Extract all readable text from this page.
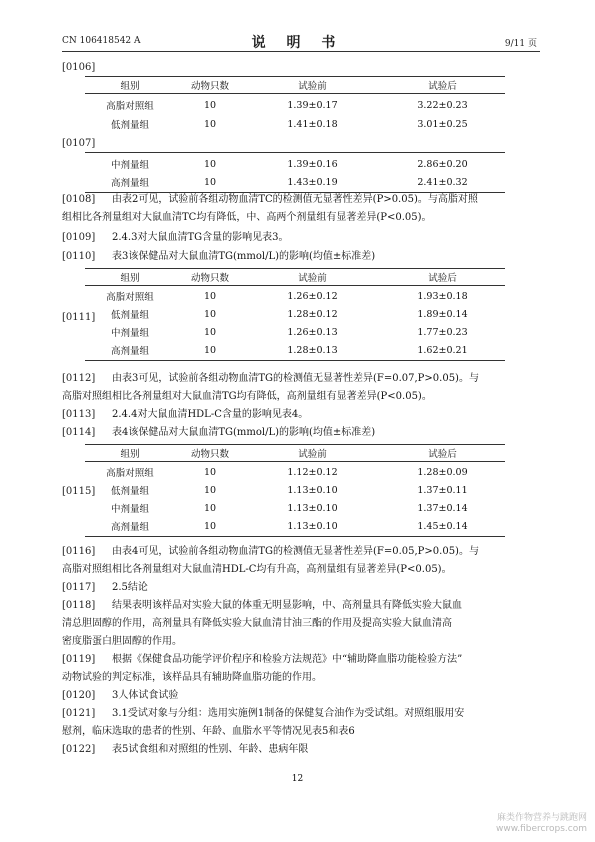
CN 106418542 A	说 明 书	9/11 页
[0106]
组别	动物只数	试验前	试验后
高脂对照组	10	1.39±0.17	3.22±0.23
低剂量组	10	1.41±0.18	3.01±0.25
[0107]
中剂量组	10	1.39±0.16	2.86±0.20
高剂量组	10	1.43±0.19	2.41±0.32
[0108] 由表2可见，试验前各组动物血清TC的检测值无显著性差异(P>0.05)。与高脂对照
组相比各剂量组对大鼠血清TC均有降低，中、高两个剂量组有显著差异(P<0.05)。
[0109] 2.4.3对大鼠血清TG含量的影响见表3。
[0110] 表3该保健品对大鼠血清TG(mmol/L)的影响(均值±标准差)
[0111]
组别	动物只数	试验前	试验后
高脂对照组	10	1.26±0.12	1.93±0.18
低剂量组	10	1.28±0.12	1.89±0.14
中剂量组	10	1.26±0.13	1.77±0.23
高剂量组	10	1.28±0.13	1.62±0.21
[0112] 由表3可见，试验前各组动物血清TG的检测值无显著性差异(F=0.07,P>0.05)。与
高脂对照组相比各剂量组对大鼠血清TG均有降低，高剂量组有显著差异(P<0.05)。
[0113] 2.4.4对大鼠血清HDL-C含量的影响见表4。
[0114] 表4该保健品对大鼠血清TG(mmol/L)的影响(均值±标准差)
[0115]
组别	动物只数	试验前	试验后
高脂对照组	10	1.12±0.12	1.28±0.09
低剂量组	10	1.13±0.10	1.37±0.11
中剂量组	10	1.13±0.10	1.37±0.14
高剂量组	10	1.13±0.10	1.45±0.14
[0116] 由表4可见，试验前各组动物血清TG的检测值无显著性差异(F=0.05,P>0.05)。与
高脂对照组相比各剂量组对大鼠血清HDL-C均有升高，高剂量组有显著差异(P<0.05)。
[0117] 2.5结论
[0118] 结果表明该样品对实验大鼠的体重无明显影响，中、高剂量具有降低实验大鼠血
清总胆固醇的作用，高剂量具有降低实验大鼠血清甘油三酯的作用及提高实验大鼠血清高
密度脂蛋白胆固醇的作用。
[0119] 根据《保健食品功能学评价程序和检验方法规范》中“辅助降血脂功能检验方法”
动物试验的判定标准，该样品具有辅助降血脂功能的作用。
[0120] 3人体试食试验
[0121] 3.1受试对象与分组：选用实施例1制备的保健复合油作为受试组。对照组服用安
慰剂，临床选取的患者的性别、年龄、血脂水平等情况见表5和表6
[0122] 表5试食组和对照组的性别、年龄、患病年限
12
麻类作物营养与跳跑网
www.fibercrops.com
